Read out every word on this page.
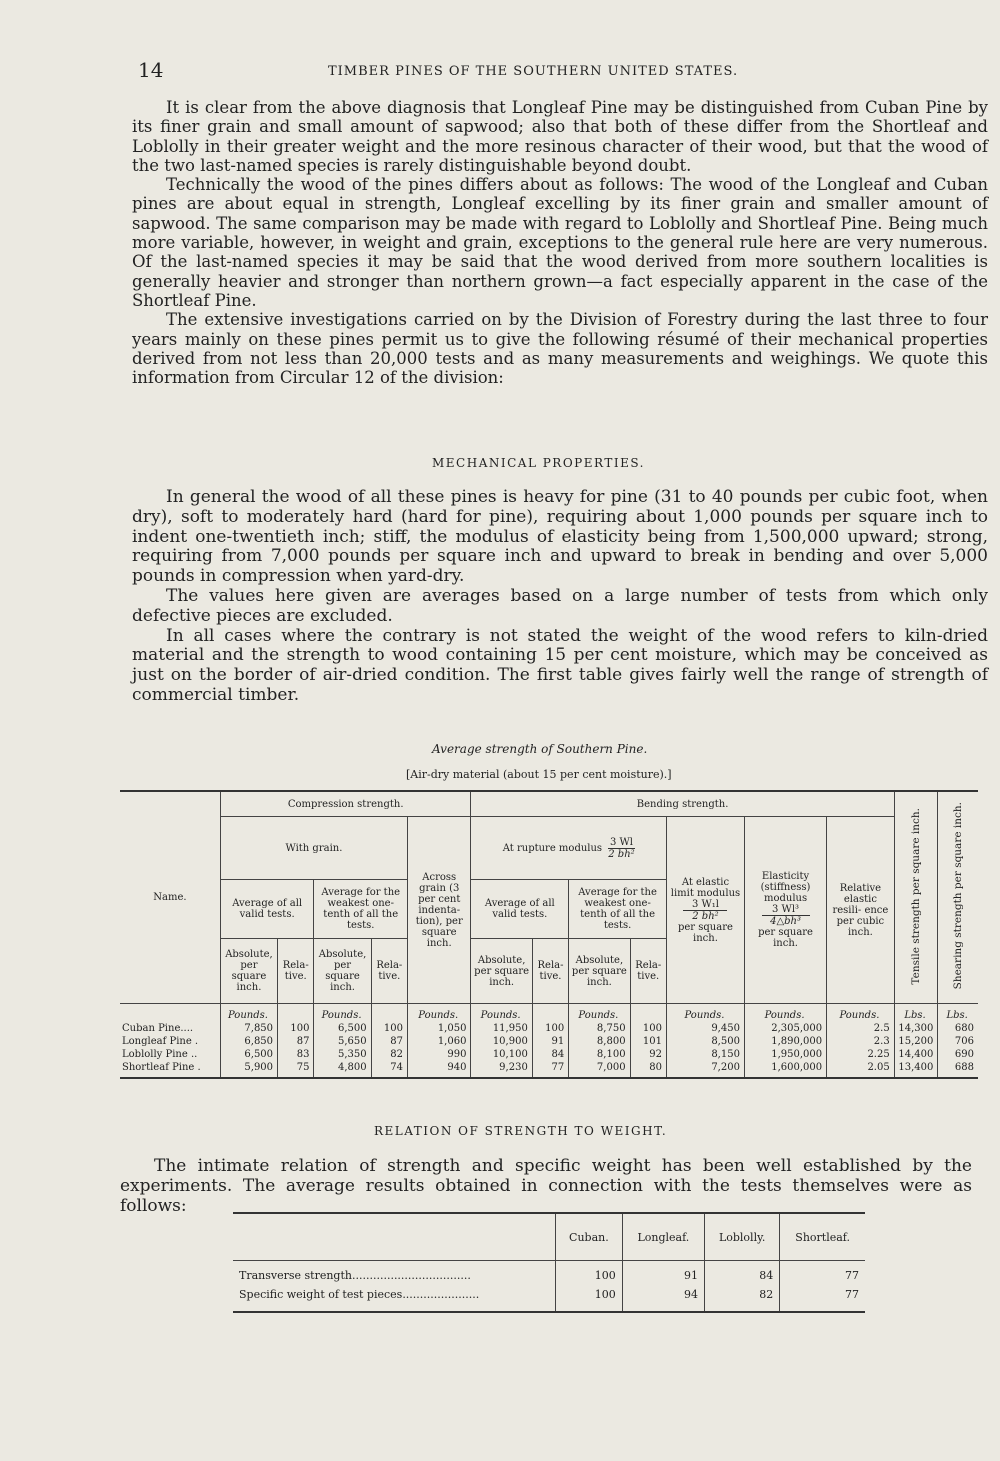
14	TIMBER PINES OF THE SOUTHERN UNITED STATES.

It is clear from the above diagnosis that Longleaf Pine may be distinguished from Cuban Pine by its finer grain and small amount of sapwood; also that both of these differ from the Shortleaf and Loblolly in their greater weight and the more resinous character of their wood, but that the wood of the two last-named species is rarely distinguishable beyond doubt.

Technically the wood of the pines differs about as follows: The wood of the Longleaf and Cuban pines are about equal in strength, Longleaf excelling by its finer grain and smaller amount of sapwood. The same comparison may be made with regard to Loblolly and Shortleaf Pine. Being much more variable, however, in weight and grain, exceptions to the general rule here are very numerous. Of the last-named species it may be said that the wood derived from more southern localities is generally heavier and stronger than northern grown—a fact especially apparent in the case of the Shortleaf Pine.

The extensive investigations carried on by the Division of Forestry during the last three to four years mainly on these pines permit us to give the following résumé of their mechanical properties derived from not less than 20,000 tests and as many measurements and weighings. We quote this information from Circular 12 of the division:

MECHANICAL PROPERTIES.

In general the wood of all these pines is heavy for pine (31 to 40 pounds per cubic foot, when dry), soft to moderately hard (hard for pine), requiring about 1,000 pounds per square inch to indent one-twentieth inch; stiff, the modulus of elasticity being from 1,500,000 upward; strong, requiring from 7,000 pounds per square inch and upward to break in bending and over 5,000 pounds in compression when yard-dry.

The values here given are averages based on a large number of tests from which only defective pieces are excluded.

In all cases where the contrary is not stated the weight of the wood refers to kiln-dried material and the strength to wood containing 15 per cent moisture, which may be conceived as just on the border of air-dried condition. The first table gives fairly well the range of strength of commercial timber.

Average strength of Southern Pine.
[Air-dry material (about 15 per cent moisture).]
Name.	Compression strength.					Bending strength.							Tensile strength per square inch.	Shearing strength per square inch.
	With grain.				Across grain (3 per cent indenta- tion), per square inch.	At rupture modulus $\frac{3 Wl}{\text{2 bh²}}$				At elastic limit modulus
3 W₁l
2 bh²
per square inch.	Elasticity (stiffness) modulus
3 Wl³
4△bh³
per square inch.	Relative elastic resili- ence per cubic inch.		
	Average of all valid tests.		Average for the weakest one-tenth of all the tests.			Average of all valid tests.		Average for the weakest one-tenth of all the tests.						
	Absolute, per square inch.	Rela- tive.	Absolute, per square inch.	Rela- tive.		Absolute, per square inch.	Rela- tive.	Absolute, per square inch.	Rela- tive.					
	Pounds.		Pounds.		Pounds.	Pounds.		Pounds.		Pounds.	Pounds.	Pounds.	Lbs.	Lbs.
Cuban Pine....	7,850	100	6,500	100	1,050	11,950	100	8,750	100	9,450	2,305,000	2.5	14,300	680
Longleaf Pine .	6,850	87	5,650	87	1,060	10,900	91	8,800	101	8,500	1,890,000	2.3	15,200	706
Loblolly Pine ..	6,500	83	5,350	82	990	10,100	84	8,100	92	8,150	1,950,000	2.25	14,400	690
Shortleaf Pine .	5,900	75	4,800	74	940	9,230	77	7,000	80	7,200	1,600,000	2.05	13,400	688
RELATION OF STRENGTH TO WEIGHT.

The intimate relation of strength and specific weight has been well established by the experiments. The average results obtained in connection with the tests themselves were as follows:

	Cuban.	Longleaf.	Loblolly.	Shortleaf.
Transverse strength..................................	100	91	84	77
Specific weight of test pieces......................	100	94	82	77
